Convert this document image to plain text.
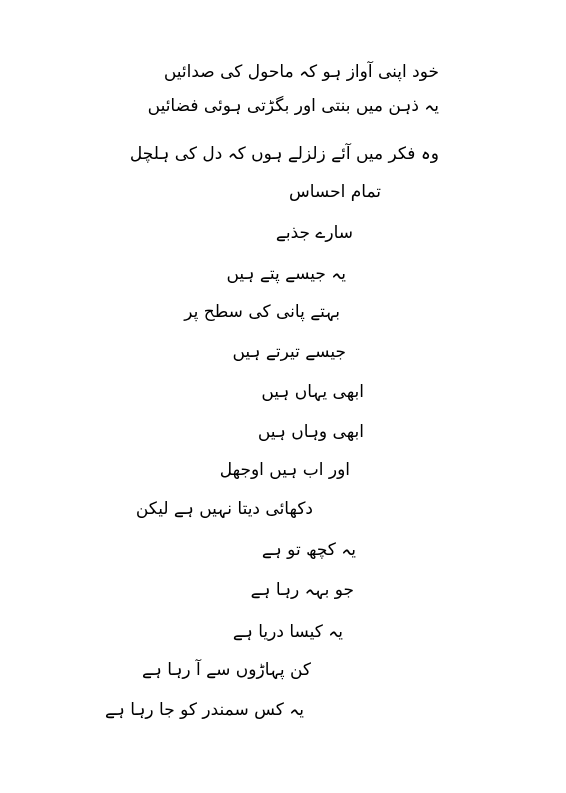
خود اپنی آواز ہو کہ ماحول کی صدائیں
یہ ذہن میں بنتی اور بگڑتی ہوئی فضائیں
وہ فکر میں آئے زلزلے ہوں کہ دل کی ہلچل
تمام احساس
سارے جذبے
یہ جیسے پتے ہیں
بہتے پانی کی سطح پر
جیسے تیرتے ہیں
ابھی یہاں ہیں
ابھی وہاں ہیں
اور اب ہیں اوجھل
دکھائی دیتا نہیں ہے لیکن
یہ کچھ تو ہے
جو بہہ رہا ہے
یہ کیسا دریا ہے
کن پہاڑوں سے آ رہا ہے
یہ کس سمندر کو جا رہا ہے
